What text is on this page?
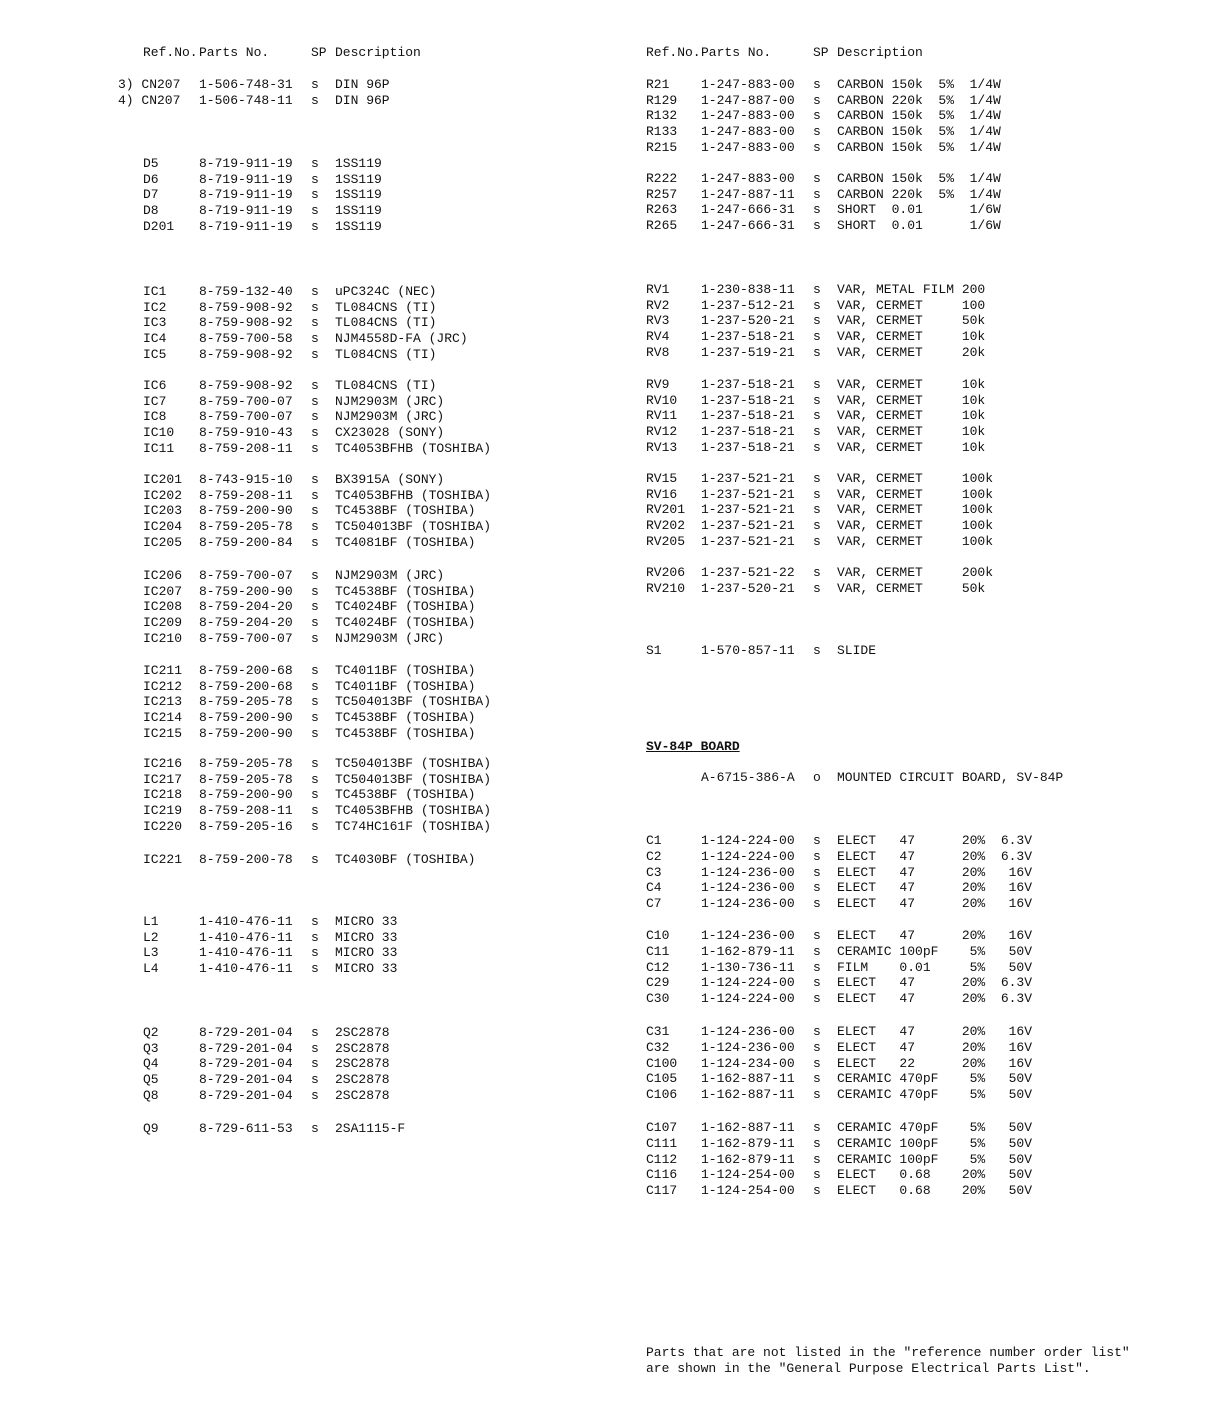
Ref.No. Parts No.	SP Description
3) CN207 1-506-748-31 s DIN 96P
4) CN207 1-506-748-11 s DIN 96P
D5	8-719-911-19 s 1SS119
D6	8-719-911-19 s 1SS119
D7	8-719-911-19 s 1SS119
D8	8-719-911-19 s 1SS119
D201 8-719-911-19 s 1SS119
IC1	8-759-132-40 s uPC324C (NEC)
IC2	8-759-908-92 s TL084CNS (TI)
IC3	8-759-908-92 s TL084CNS (TI)
IC4	8-759-700-58 s NJM4558D-FA (JRC)
IC5	8-759-908-92 s TL084CNS (TI)
IC6	8-759-908-92 s TL084CNS (TI)
IC7	8-759-700-07 s NJM2903M (JRC)
IC8	8-759-700-07 s NJM2903M (JRC)
IC10 8-759-910-43 s CX23028 (SONY)
IC11 8-759-208-11 s TC4053BFHB (TOSHIBA)
IC201 8-743-915-10 s BX3915A (SONY)
IC202 8-759-208-11 s TC4053BFHB (TOSHIBA)
IC203 8-759-200-90 s TC4538BF (TOSHIBA)
IC204 8-759-205-78 s TC504013BF (TOSHIBA)
IC205 8-759-200-84 s TC4081BF (TOSHIBA)
IC206 8-759-700-07 s NJM2903M (JRC)
IC207 8-759-200-90 s TC4538BF (TOSHIBA)
IC208 8-759-204-20 s TC4024BF (TOSHIBA)
IC209 8-759-204-20 s TC4024BF (TOSHIBA)
IC210 8-759-700-07 s NJM2903M (JRC)
IC211 8-759-200-68 s TC4011BF (TOSHIBA)
IC212 8-759-200-68 s TC4011BF (TOSHIBA)
IC213 8-759-205-78 s TC504013BF (TOSHIBA)
IC214 8-759-200-90 s TC4538BF (TOSHIBA)
IC215 8-759-200-90 s TC4538BF (TOSHIBA)
IC216 8-759-205-78 s TC504013BF (TOSHIBA)
IC217 8-759-205-78 s TC504013BF (TOSHIBA)
IC218 8-759-200-90 s TC4538BF (TOSHIBA)
IC219 8-759-208-11 s TC4053BFHB (TOSHIBA)
IC220 8-759-205-16 s TC74HC161F (TOSHIBA)
IC221 8-759-200-78 s TC4030BF (TOSHIBA)
L1	1-410-476-11 s MICRO 33
L2	1-410-476-11 s MICRO 33
L3	1-410-476-11 s MICRO 33
L4	1-410-476-11 s MICRO 33
Q2	8-729-201-04 s 2SC2878
Q3	8-729-201-04 s 2SC2878
Q4	8-729-201-04 s 2SC2878
Q5	8-729-201-04 s 2SC2878
Q8	8-729-201-04 s 2SC2878
Q9	8-729-611-53 s 2SA1115-F
Ref.No. Parts No.	SP Description
R21 1-247-883-00 s CARBON 150k  5%  1/4W
R129 1-247-887-00 s CARBON 220k  5%  1/4W
R132 1-247-883-00 s CARBON 150k  5%  1/4W
R133 1-247-883-00 s CARBON 150k  5%  1/4W
R215 1-247-883-00 s CARBON 150k  5%  1/4W
R222 1-247-883-00 s CARBON 150k  5%  1/4W
R257 1-247-887-11 s CARBON 220k  5%  1/4W
R263 1-247-666-31 s SHORT  0.01      1/6W
R265 1-247-666-31 s SHORT  0.01      1/6W
RV1 1-230-838-11 s VAR, METAL FILM 200
RV2 1-237-512-21 s VAR, CERMET     100
RV3 1-237-520-21 s VAR, CERMET     50k
RV4 1-237-518-21 s VAR, CERMET     10k
RV8 1-237-519-21 s VAR, CERMET     20k
RV9 1-237-518-21 s VAR, CERMET     10k
RV10 1-237-518-21 s VAR, CERMET     10k
RV11 1-237-518-21 s VAR, CERMET     10k
RV12 1-237-518-21 s VAR, CERMET     10k
RV13 1-237-518-21 s VAR, CERMET     10k
RV15 1-237-521-21 s VAR, CERMET     100k
RV16 1-237-521-21 s VAR, CERMET     100k
RV201 1-237-521-21 s VAR, CERMET     100k
RV202 1-237-521-21 s VAR, CERMET     100k
RV205 1-237-521-21 s VAR, CERMET     100k
RV206 1-237-521-22 s VAR, CERMET     200k
RV210 1-237-520-21 s VAR, CERMET     50k
S1	1-570-857-11 s SLIDE
SV-84P BOARD
A-6715-386-A o MOUNTED CIRCUIT BOARD, SV-84P
C1	1-124-224-00 s ELECT   47      20%  6.3V
C2	1-124-224-00 s ELECT   47      20%  6.3V
C3	1-124-236-00 s ELECT   47      20%   16V
C4	1-124-236-00 s ELECT   47      20%   16V
C7	1-124-236-00 s ELECT   47      20%   16V
C10 1-124-236-00 s ELECT   47      20%   16V
C11 1-162-879-11 s CERAMIC 100pF    5%   50V
C12 1-130-736-11 s FILM    0.01     5%   50V
C29 1-124-224-00 s ELECT   47      20%  6.3V
C30 1-124-224-00 s ELECT   47      20%  6.3V
C31 1-124-236-00 s ELECT   47      20%   16V
C32 1-124-236-00 s ELECT   47      20%   16V
C100 1-124-234-00 s ELECT   22      20%   16V
C105 1-162-887-11 s CERAMIC 470pF    5%   50V
C106 1-162-887-11 s CERAMIC 470pF    5%   50V
C107 1-162-887-11 s CERAMIC 470pF    5%   50V
C111 1-162-879-11 s CERAMIC 100pF    5%   50V
C112 1-162-879-11 s CERAMIC 100pF    5%   50V
C116 1-124-254-00 s ELECT   0.68    20%   50V
C117 1-124-254-00 s ELECT   0.68    20%   50V
Parts that are not listed in the "reference number order list"
are shown in the "General Purpose Electrical Parts List".
